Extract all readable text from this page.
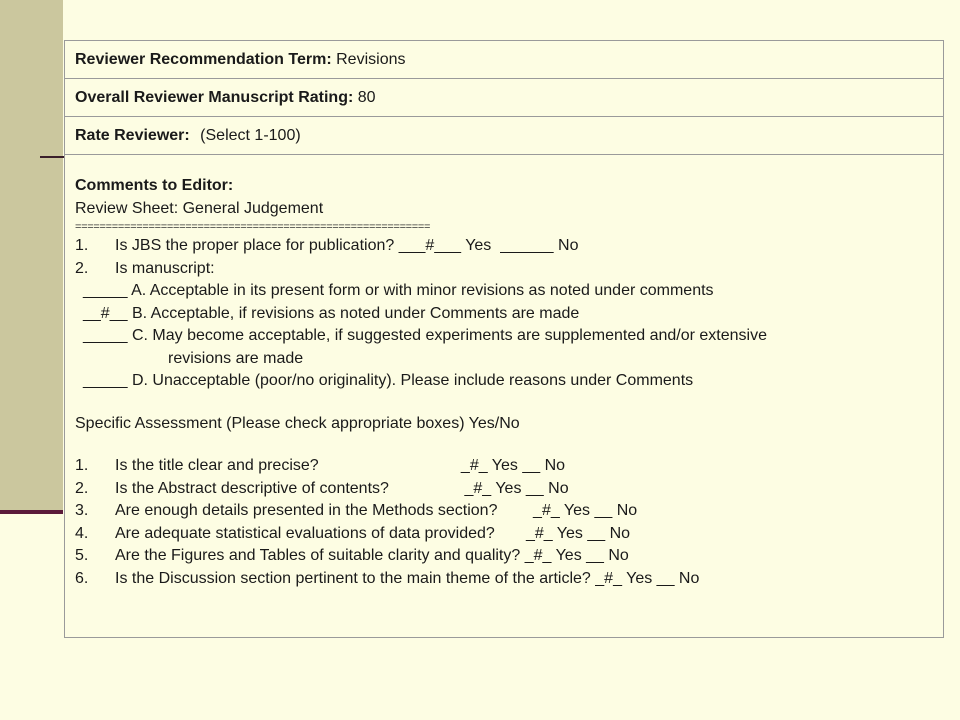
Reviewer Recommendation Term: Revisions
Overall Reviewer Manuscript Rating: 80
Rate Reviewer: (Select 1-100)
Comments to Editor:
Review Sheet: General Judgement
==========================================================
1. Is JBS the proper place for publication? ___#___ Yes ______ No
2. Is manuscript:
_____ A. Acceptable in its present form or with minor revisions as noted under comments
__#__ B. Acceptable, if revisions as noted under Comments are made
_____ C. May become acceptable, if suggested experiments are supplemented and/or extensive
revisions are made
_____ D. Unacceptable (poor/no originality). Please include reasons under Comments
Specific Assessment (Please check appropriate boxes) Yes/No
1. Is the title clear and precise?	_#_ Yes __ No
2. Is the Abstract descriptive of contents?	_#_ Yes __ No
3. Are enough details presented in the Methods section? _#_ Yes __ No
4. Are adequate statistical evaluations of data provided? _#_ Yes __ No
5. Are the Figures and Tables of suitable clarity and quality? _#_ Yes __ No
6. Is the Discussion section pertinent to the main theme of the article? _#_ Yes __ No
